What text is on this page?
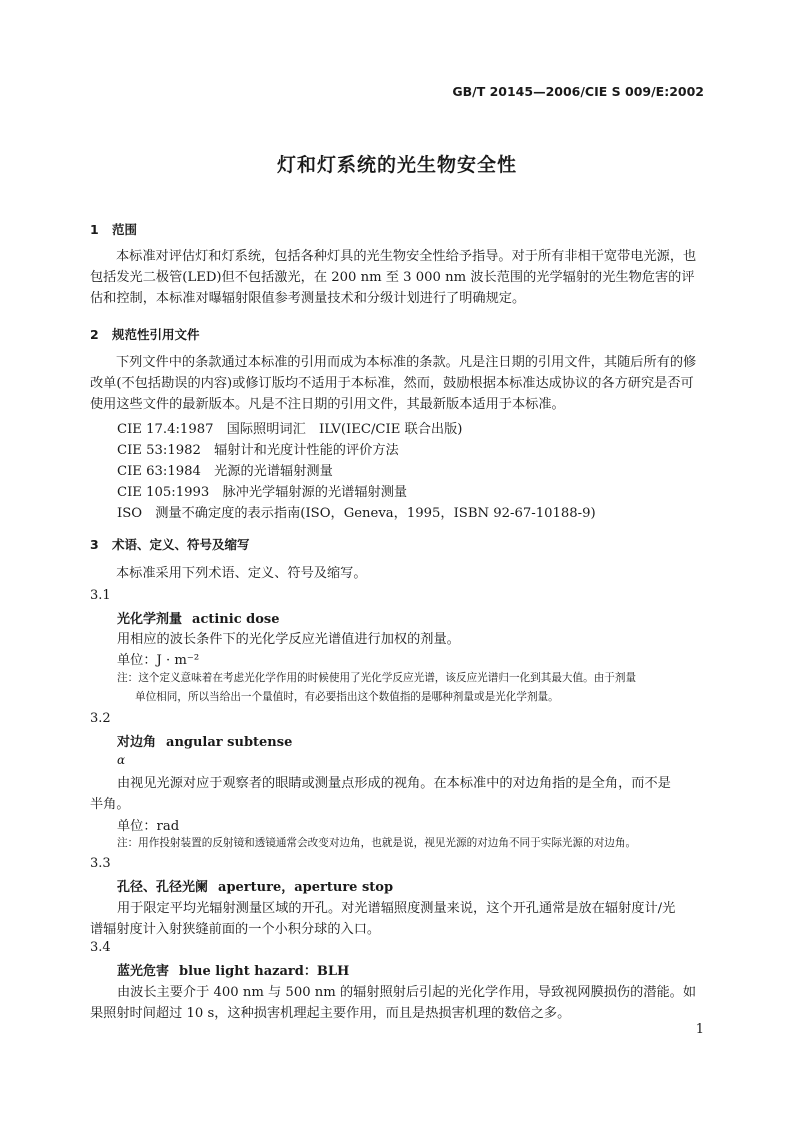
GB/T 20145—2006/CIE S 009/E:2002
灯和灯系统的光生物安全性
1 范围
本标准对评估灯和灯系统，包括各种灯具的光生物安全性给予指导。对于所有非相干宽带电光源，也包括发光二极管(LED)但不包括激光，在 200 nm 至 3 000 nm 波长范围的光学辐射的光生物危害的评估和控制，本标准对曝辐射限值参考测量技术和分级计划进行了明确规定。
2 规范性引用文件
下列文件中的条款通过本标准的引用而成为本标准的条款。凡是注日期的引用文件，其随后所有的修改单(不包括勘误的内容)或修订版均不适用于本标准，然而，鼓励根据本标准达成协议的各方研究是否可使用这些文件的最新版本。凡是不注日期的引用文件，其最新版本适用于本标准。
CIE 17.4:1987　国际照明词汇　ILV(IEC/CIE 联合出版)
CIE 53:1982　辐射计和光度计性能的评价方法
CIE 63:1984　光源的光谱辐射测量
CIE 105:1993　脉冲光学辐射源的光谱辐射测量
ISO　测量不确定度的表示指南(ISO，Geneva，1995，ISBN 92-67-10188-9)
3 术语、定义、符号及缩写
本标准采用下列术语、定义、符号及缩写。
3.1
光化学剂量 actinic dose
用相应的波长条件下的光化学反应光谱值进行加权的剂量。
单位：J · m⁻²
注：这个定义意味着在考虑光化学作用的时候使用了光化学反应光谱，该反应光谱归一化到其最大值。由于剂量
单位相同，所以当给出一个量值时，有必要指出这个数值指的是哪种剂量或是光化学剂量。
3.2
对边角 angular subtense
α
由视见光源对应于观察者的眼睛或测量点形成的视角。在本标准中的对边角指的是全角，而不是
半角。
单位：rad
注：用作投射装置的反射镜和透镜通常会改变对边角，也就是说，视见光源的对边角不同于实际光源的对边角。
3.3
孔径、孔径光阑 aperture，aperture stop
用于限定平均光辐射测量区域的开孔。对光谱辐照度测量来说，这个开孔通常是放在辐射度计/光
谱辐射度计入射狭缝前面的一个小积分球的入口。
3.4
蓝光危害 blue light hazard：BLH
由波长主要介于 400 nm 与 500 nm 的辐射照射后引起的光化学作用，导致视网膜损伤的潜能。如
果照射时间超过 10 s，这种损害机理起主要作用，而且是热损害机理的数倍之多。
1
